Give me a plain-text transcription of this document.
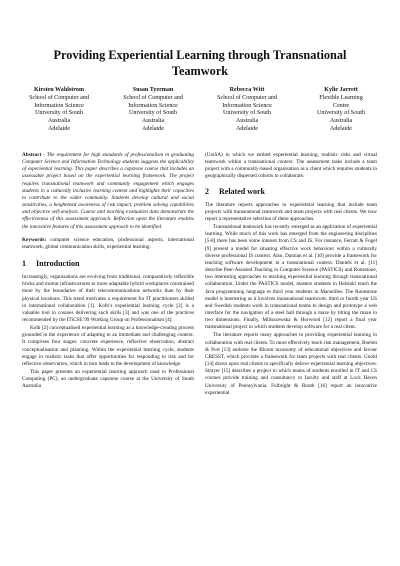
Providing Experiential Learning through Transnational Teamwork
Kirsten Wahlstrom
School of Computer and
Information Science
University of South
Australia
Adelaide
Susan Tyerman
School of Computer and
Information Science
University of South
Australia
Adelaide
Rebecca Witt
School of Computer and
Information Science
University of South
Australia
Adelaide
Kylie Jarrett
Flexible Learning
Centre
University of South
Australia
Adelaide

Abstract - The requirement for high standards of professionalism in graduating Computer Science and Information Technology students suggests the applicability of experiential learning. This paper describes a capstone course that includes an assessable project based on the experiential learning framework. The project requires transnational teamwork and community engagement which engages students in a culturally inclusive learning context and highlights their capacities to contribute to the wider community. Students develop cultural and social sensitivities, a heightened awareness of risk impact, problem solving capabilities and objective self-analysis. Course and teaching evaluation data demonstrate the effectiveness of this assessment approach. Reflection upon the literature enables the innovative features of this assessment approach to be identified.

Keywords: computer science education, professional aspects, international teamwork, global communication skills, experiential learning.

1 Introduction

Increasingly, organisations are evolving from traditional, comparatively inflexible bricks and mortar infrastructures to more adaptable hybrid workplaces constrained more by the boundaries of their telecommunications networks than by their physical locations. This trend motivates a requirement for IT practitioners skilled in international collaboration [1]. Kolb’s experiential learning cycle [2] is a valuable tool in courses delivering such skills [3] and was one of the practices recommended by the ITiCSE’99 Working Group on Professionalism [4].

Kolb [2] conceptualised experiential learning as a knowledge-creating process grounded in the experience of adapting to an immediate and challenging context. It comprises four stages: concrete experience, reflective observation, abstract conceptualisation and planning. Within the experiential learning cycle, students engage in realistic tasks that offer opportunities for responding to risk and for reflective observation, which in turn leads to the development of knowledge.

This paper presents an experiential learning approach used in Professional Computing (PC), an undergraduate capstone course at the University of South Australia

(UniSA) in which we embed experiential learning, realistic risks and virtual teamwork within a transnational context. The assessment tasks include a team project with a community-based organisation as a client which requires students in geographically dispersed cohorts to collaborate.

2 Related work

The literature reports approaches to experiential learning that include team projects with transnational teamwork and team projects with real clients. We now report a representative selection of these approaches.

Transnational teamwork has recently emerged as an application of experiential learning. While much of this work has emerged from the engineering disciplines [5-8] there has been some interest from CS and IS. For instance, Ferratt & Fogel [9] present a model for situating effective work behaviour within a culturally diverse professional IS context. Also, Damian et al. [10] provide a framework for teaching software development in a transnational context. Daniels et al. [11] describe Peer-Assisted Teaching in Computer Science (PASTICS) and Runestone, two interesting approaches to teaching experiential learning through transnational collaboration. Under the PASTICS model, masters students in Helsinki teach the Java programming language to third year students in Marseilles. The Runestone model is interesting as it involves transnational teamwork: third or fourth year US and Swedish students work in transnational teams to design and prototype a web interface for the navigation of a steel ball through a maze by tilting the maze in two dimensions. Finally, Milisszewska & Horwood [12] report a final year transnational project in which students develop software for a real client.

The literature reports many approaches to providing experiential learning in collaboration with real clients. To more effectively teach risk management, Boehm & Port [13] endorse the Bloom taxonomy of educational objectives and favour CRESST, which provides a framework for team projects with real clients. Goold [14] draws upon real clients to specifically deliver experiential learning objectives. Strayer [15] describes a project in which teams of students enrolled in IT and CS courses provide training and consultancy to faculty and staff at Lock Haven University of Pennsylvania. Fulbright & Routh [16] report an innovative experiential
